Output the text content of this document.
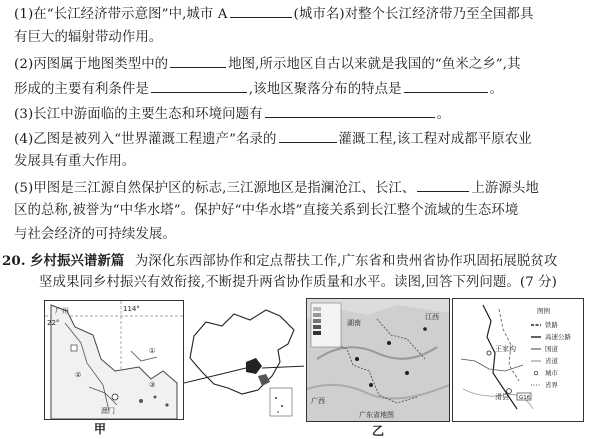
(1)在“长江经济带示意图”中,城市 A	(城市名)对整个长江经济带乃至全国都具
有巨大的辐射带动作用。
(2)丙图属于地图类型中的	地图,所示地区自古以来就是我国的“鱼米之乡”,其
形成的主要有利条件是	,该地区聚落分布的特点是	。
(3)长江中游面临的主要生态和环境问题有	。
(4)乙图是被列入“世界灌溉工程遗产”名录的	灌溉工程,该工程对成都平原农业
发展具有重大作用。
(5)甲图是三江源自然保护区的标志,三江源地区是指澜沧江、长江、	上游源头地
区的总称,被誉为“中华水塔”。保护好“中华水塔”直接关系到长江整个流域的生态环境
与社会经济的可持续发展。
20. 乡村振兴谱新篇 为深化东西部协作和定点帮扶工作,广东省和贵州省协作巩固拓展脱贫攻
坚成果同乡村振兴有效衔接,不断提升两省协作质量和水平。读图,回答下列问题。(7 分)
广州
①
②
③
澳门
114°
22°
甲
湖南
江西
广西
广东省地图
乙
王家沟
滑县 G16
图例
铁路
高速公路
国道
省道
城市
省界
